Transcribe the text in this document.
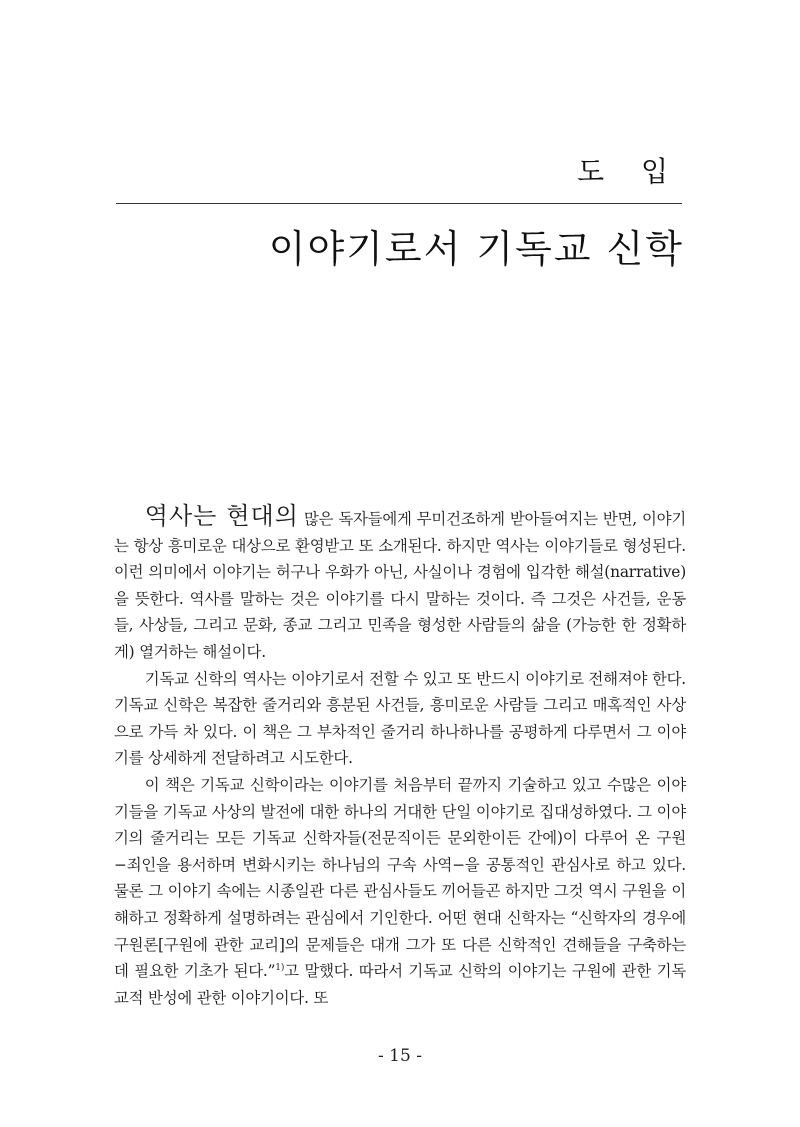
도 입
이야기로서 기독교 신학

역사는 현대의 많은 독자들에게 무미건조하게 받아들여지는 반면, 이야기는 항상 흥미로운 대상으로 환영받고 또 소개된다. 하지만 역사는 이야기들로 형성된다. 이런 의미에서 이야기는 허구나 우화가 아닌, 사실이나 경험에 입각한 해설(narrative)을 뜻한다. 역사를 말하는 것은 이야기를 다시 말하는 것이다. 즉 그것은 사건들, 운동들, 사상들, 그리고 문화, 종교 그리고 민족을 형성한 사람들의 삶을 (가능한 한 정확하게) 열거하는 해설이다.

기독교 신학의 역사는 이야기로서 전할 수 있고 또 반드시 이야기로 전해져야 한다. 기독교 신학은 복잡한 줄거리와 흥분된 사건들, 흥미로운 사람들 그리고 매혹적인 사상으로 가득 차 있다. 이 책은 그 부차적인 줄거리 하나하나를 공평하게 다루면서 그 이야기를 상세하게 전달하려고 시도한다.

이 책은 기독교 신학이라는 이야기를 처음부터 끝까지 기술하고 있고 수많은 이야기들을 기독교 사상의 발전에 대한 하나의 거대한 단일 이야기로 집대성하였다. 그 이야기의 줄거리는 모든 기독교 신학자들(전문직이든 문외한이든 간에)이 다루어 온 구원−죄인을 용서하며 변화시키는 하나님의 구속 사역−을 공통적인 관심사로 하고 있다. 물론 그 이야기 속에는 시종일관 다른 관심사들도 끼어들곤 하지만 그것 역시 구원을 이해하고 정확하게 설명하려는 관심에서 기인한다. 어떤 현대 신학자는 “신학자의 경우에 구원론[구원에 관한 교리]의 문제들은 대개 그가 또 다른 신학적인 견해들을 구축하는 데 필요한 기초가 된다.”$^{1)}$고 말했다. 따라서 기독교 신학의 이야기는 구원에 관한 기독교적 반성에 관한 이야기이다. 또

- 15 -
